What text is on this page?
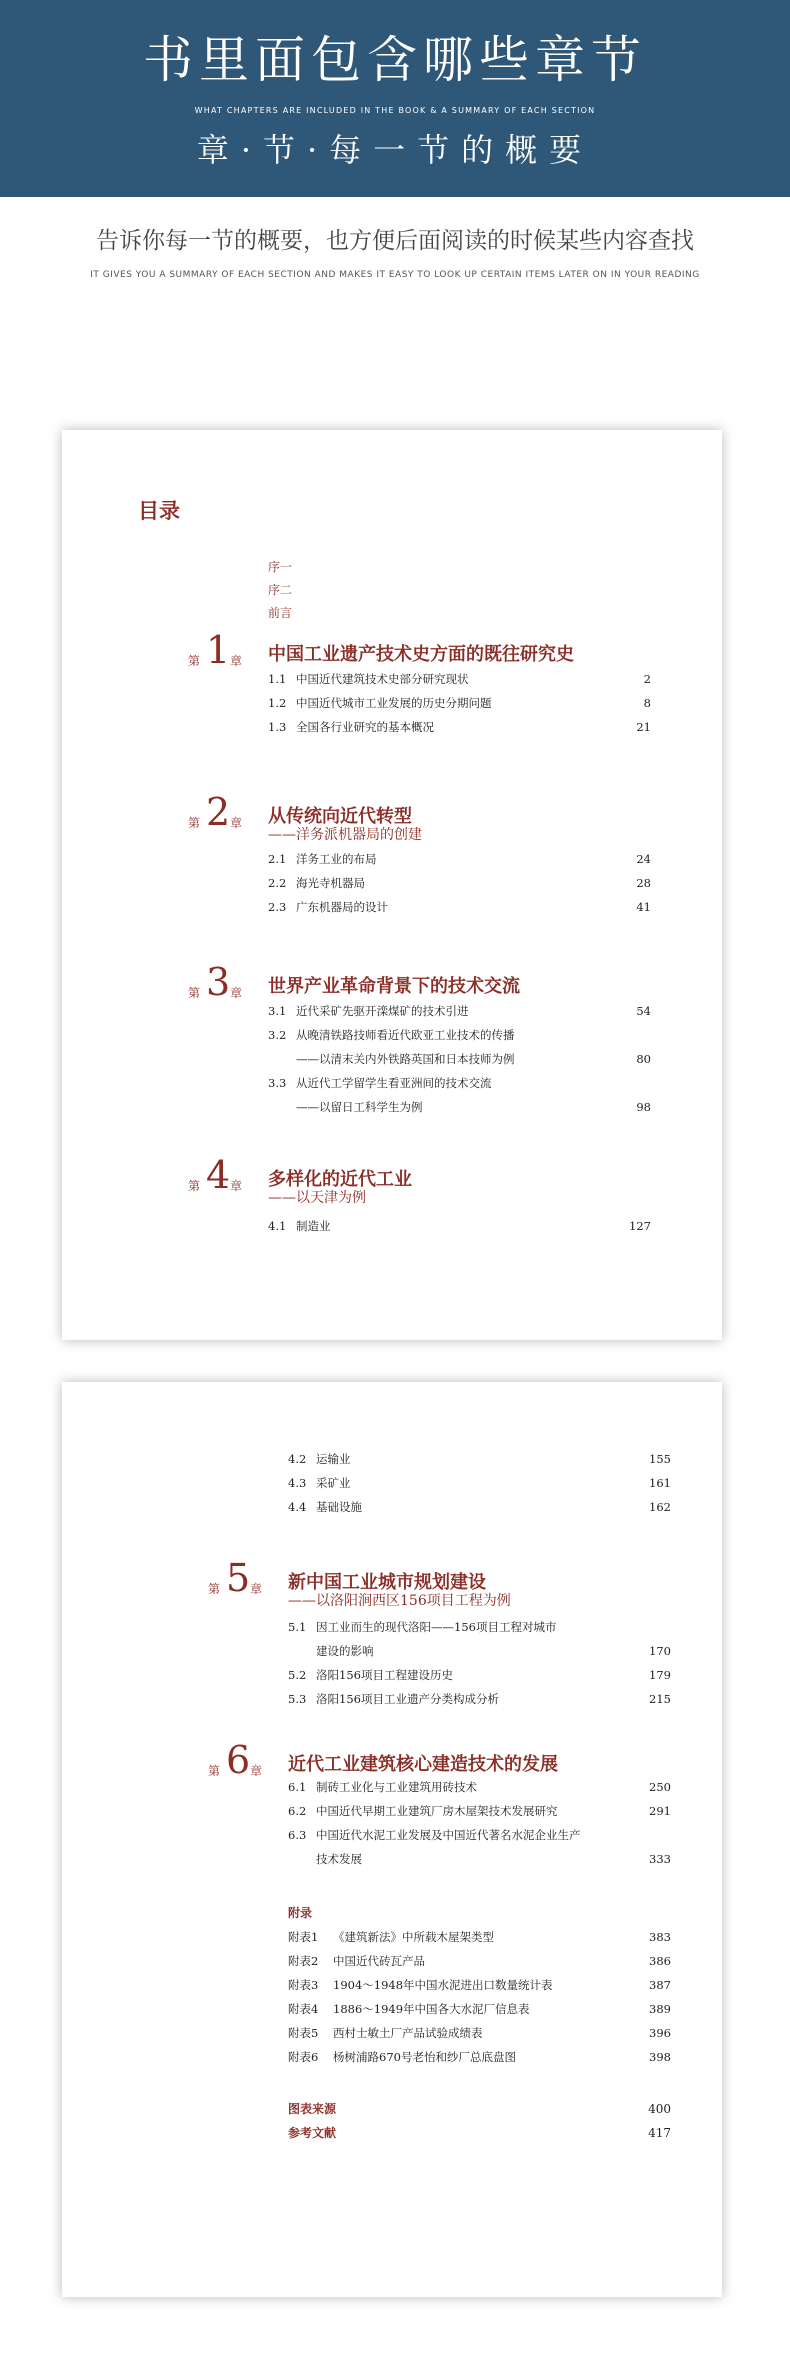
书里面包含哪些章节
WHAT CHAPTERS ARE INCLUDED IN THE BOOK & A SUMMARY OF EACH SECTION
章·节·每一节的概要
告诉你每一节的概要，也方便后面阅读的时候某些内容查找
IT GIVES YOU A SUMMARY OF EACH SECTION AND MAKES IT EASY TO LOOK UP CERTAIN ITEMS LATER ON IN YOUR READING
目录
序一
序二
前言
第 1 章 中国工业遗产技术史方面的既往研究史
1.1 中国近代建筑技术史部分研究现状	2
1.2 中国近代城市工业发展的历史分期问题	8
1.3 全国各行业研究的基本概况	21
第 2 章 从传统向近代转型
——洋务派机器局的创建
2.1 洋务工业的布局	24
2.2 海光寺机器局	28
2.3 广东机器局的设计	41
第 3 章 世界产业革命背景下的技术交流
3.1 近代采矿先驱开滦煤矿的技术引进	54
3.2 从晚清铁路技师看近代欧亚工业技术的传播
——以清末关内外铁路英国和日本技师为例	80
3.3 从近代工学留学生看亚洲间的技术交流
——以留日工科学生为例	98
第 4 章 多样化的近代工业
——以天津为例
4.1 制造业	127
4.2 运输业	155
4.3 采矿业	161
4.4 基础设施	162
第 5 章 新中国工业城市规划建设
——以洛阳涧西区156项目工程为例
5.1 因工业而生的现代洛阳——156项目工程对城市
建设的影响	170
5.2 洛阳156项目工程建设历史	179
5.3 洛阳156项目工业遗产分类构成分析	215
第 6 章 近代工业建筑核心建造技术的发展
6.1 制砖工业化与工业建筑用砖技术	250
6.2 中国近代早期工业建筑厂房木屋架技术发展研究	291
6.3 中国近代水泥工业发展及中国近代著名水泥企业生产
技术发展	333
附录
附表1 《建筑新法》中所载木屋架类型	383
附表2 中国近代砖瓦产品	386
附表3 1904～1948年中国水泥进出口数量统计表	387
附表4 1886～1949年中国各大水泥厂信息表	389
附表5 西村士敏土厂产品试验成绩表	396
附表6 杨树浦路670号老怡和纱厂总底盘图	398
图表来源	400
参考文献	417
